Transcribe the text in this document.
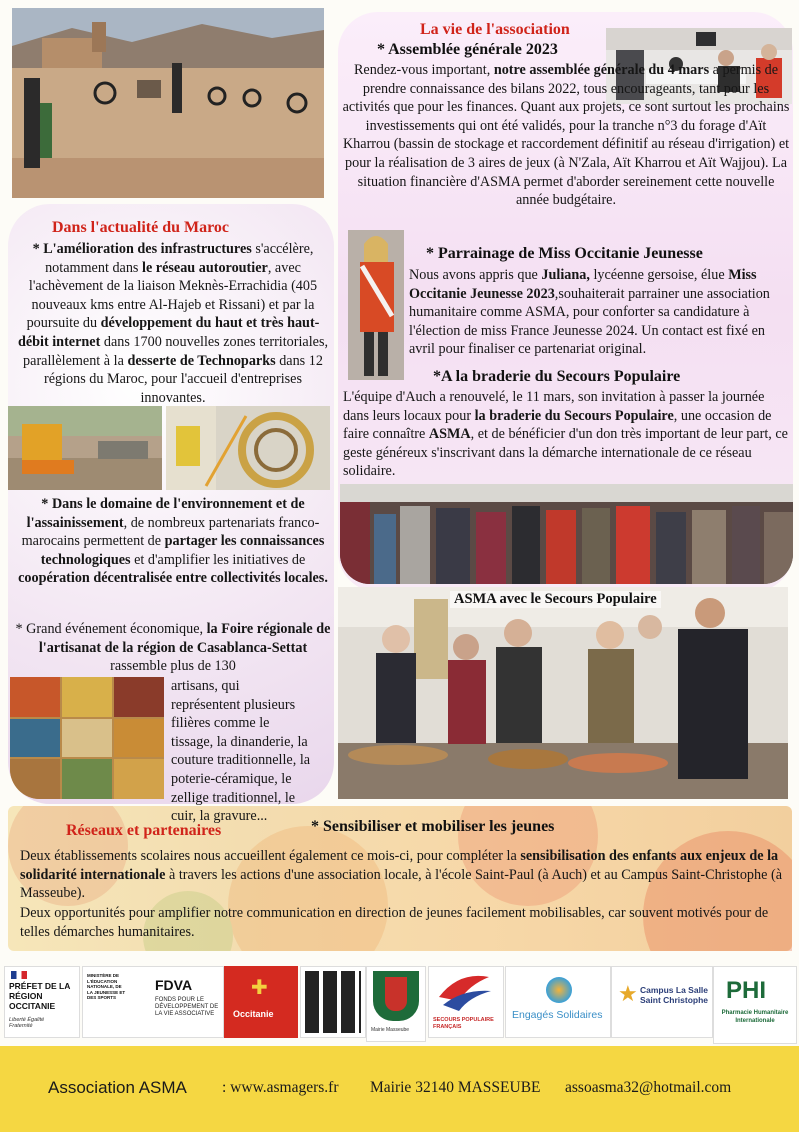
Dans l'actualité du Maroc
* L'amélioration des infrastructures s'accélère, notamment dans le réseau autoroutier, avec l'achèvement de la liaison Meknès-Errachidia (405 nouveaux kms entre Al-Hajeb et Rissani) et par la poursuite du développement du haut et très haut-débit internet dans 1700 nouvelles zones territoriales, parallèlement à la desserte de Technoparks dans 12 régions du Maroc, pour l'accueil d'entreprises innovantes.
* Dans le domaine de l'environnement et de l'assainissement, de nombreux partenariats franco-marocains permettent de partager les connaissances technologiques et d'amplifier les initiatives de coopération décentralisée entre collectivités locales.
* Grand événement économique, la Foire régionale de l'artisanat de la région de Casablanca-Settat rassemble plus de 130
artisans, qui représentent plusieurs filières comme le tissage, la dinanderie, la couture traditionnelle, la poterie-céramique, le zellige traditionnel, le cuir, la gravure...
La vie de l'association
* Assemblée générale 2023
Rendez-vous important, notre assemblée générale du 4 mars a permis de prendre connaissance des bilans 2022, tous encourageants, tant pour les activités que pour les finances. Quant aux projets, ce sont surtout les prochains investissements qui ont été validés, pour la tranche n°3 du forage d'Aït Kharrou (bassin de stockage et raccordement définitif au réseau d'irrigation) et pour la réalisation de 3 aires de jeux (à N'Zala, Aït Kharrou et Aït Wajjou). La situation financière d'ASMA permet d'aborder sereinement cette nouvelle année budgétaire.
* Parrainage de Miss Occitanie Jeunesse
Nous avons appris que Juliana, lycéenne gersoise, élue Miss Occitanie Jeunesse 2023,souhaiterait parrainer une association humanitaire comme ASMA, pour conforter sa candidature à l'élection de miss France Jeunesse 2024. Un contact est fixé en avril pour finaliser ce partenariat original.
*A la braderie du Secours Populaire
L'équipe d'Auch a renouvelé, le 11 mars, son invitation à passer la journée dans leurs locaux pour la braderie du Secours Populaire, une occasion de faire connaître ASMA, et de bénéficier d'un don très important de leur part, ce geste généreux s'inscrivant dans la démarche internationale de ce réseau solidaire.
ASMA avec le Secours Populaire
Réseaux et partenaires	* Sensibiliser et mobiliser les jeunes
Deux établissements scolaires nous accueillent également ce mois-ci, pour compléter la sensibilisation des enfants aux enjeux de la solidarité internationale à travers les actions d'une association locale, à l'école Saint-Paul (à Auch) et au Campus Saint-Christophe (à Masseube).
Deux opportunités pour amplifier notre communication en direction de jeunes facilement mobilisables, car souvent motivés pour de telles démarches humanitaires.
PRÉFET DE LA RÉGION OCCITANIE
Liberté Égalité Fraternité
MINISTÈRE DE L'ÉDUCATION NATIONALE, DE LA JEUNESSE ET DES SPORTS
FDVA
FONDS POUR LE DÉVELOPPEMENT DE LA VIE ASSOCIATIVE
✚
Occitanie
Mairie Masseube
SECOURS POPULAIRE FRANÇAIS
Engagés Solidaires
★ Campus La Salle Saint Christophe PHI
Pharmacie Humanitaire Internationale
Association ASMA : www.asmagers.fr Mairie 32140 MASSEUBE assoasma32@hotmail.com
